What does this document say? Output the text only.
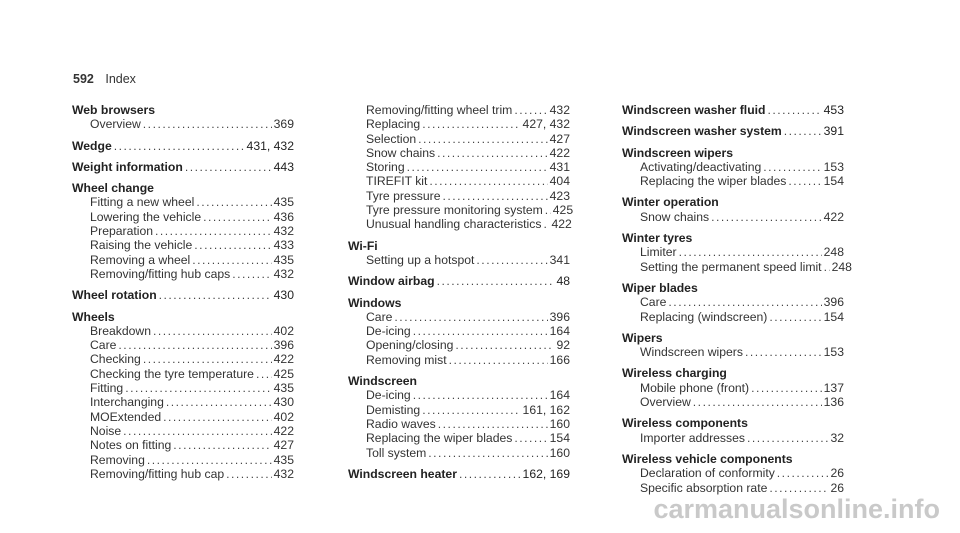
592 Index
Web browsers
Overview .....	369
Wedge .....	431, 432
Weight information .....	443
Wheel change
Fitting a new wheel .....	435
Lowering the vehicle .....	436
Preparation .....	432
Raising the vehicle .....	433
Removing a wheel .....	435
Removing/fitting hub caps .....	432
Wheel rotation .....	430
Wheels
Breakdown .....	402
Care .....	396
Checking .....	422
Checking the tyre temperature ..... 425
Fitting .....	435
Interchanging .....	430
MOExtended .....	402
Noise .....	422
Notes on fitting .....	427
Removing .....	435
Removing/fitting hub cap .....	432
Removing/fitting wheel trim .....	432
Replacing .....	427, 432
Selection .....	427
Snow chains .....	422
Storing .....	431
TIREFIT kit .....	404
Tyre pressure .....	423
Tyre pressure monitoring system ..... 425
Unusual handling characteristics ..... 422
Wi-Fi
Setting up a hotspot .....	341
Window airbag .....	48
Windows
Care .....	396
De-icing .....	164
Opening/closing .....	92
Removing mist .....	166
Windscreen
De-icing .....	164
Demisting .....	161, 162
Radio waves .....	160
Replacing the wiper blades .....	154
Toll system .....	160
Windscreen heater .....	162, 169
Windscreen washer fluid .....	453
Windscreen washer system .....	391
Windscreen wipers
Activating/deactivating .....	153
Replacing the wiper blades .....	154
Winter operation
Snow chains .....	422
Winter tyres
Limiter .....	248
Setting the permanent speed limit ..... 248
Wiper blades
Care .....	396
Replacing (windscreen) .....	154
Wipers
Windscreen wipers .....	153
Wireless charging
Mobile phone (front) .....	137
Overview .....	136
Wireless components
Importer addresses .....	32
Wireless vehicle components
Declaration of conformity .....	26
Specific absorption rate .....	26
carmanualsonline.info
